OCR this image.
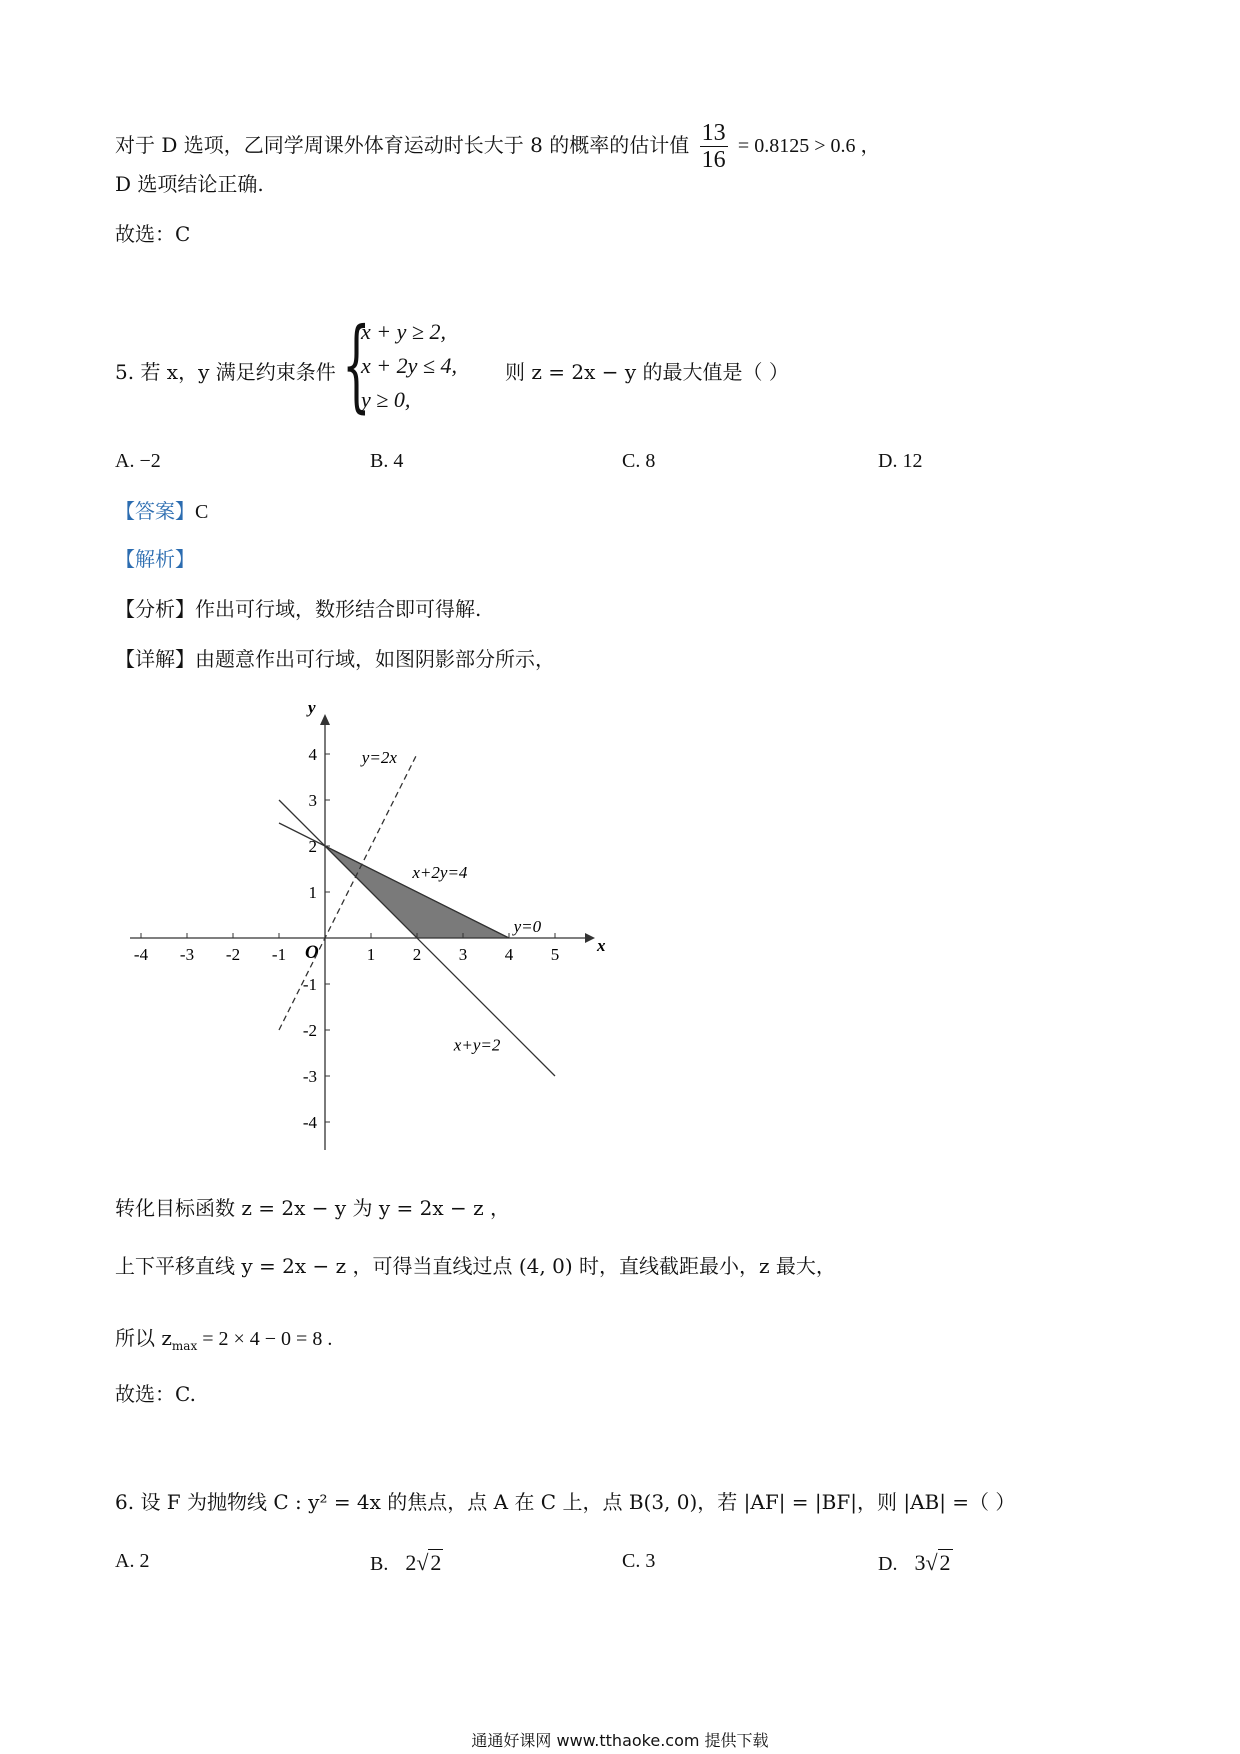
对于 D 选项，乙同学周课外体育运动时长大于 8 的概率的估计值 $\frac{13}{16} = 0.8125 > 0.6$ ，
D 选项结论正确.
故选：C
5. 若 x，y 满足约束条件 {
x + y ≥ 2,
x + 2y ≤ 4,
y ≥ 0,
则 z = 2x − y 的最大值是（ ）
A. −2	B. 4	C. 8	D. 12
【答案】C
【解析】
【分析】作出可行域，数形结合即可得解.
【详解】由题意作出可行域，如图阴影部分所示，
x
y
O
-4 -3 -2 -1	1 2 3 4 5
4
3
2
1
-1
-2
-3
-4
y=2x
x+2y=4
x+y=2
y=0
转化目标函数 z = 2x − y 为 y = 2x − z ，
上下平移直线 y = 2x − z ，可得当直线过点 (4, 0) 时，直线截距最小，z 最大，
所以 $z_{max} = 2 \times 4 - 0 = 8$ .
故选：C.
6. 设 F 为抛物线 C : y² = 4x 的焦点，点 A 在 C 上，点 B(3, 0)，若 |AF| = |BF|，则 |AB| =（ ）
A. 2	B. 2√2	C. 3	D. 3√2
通通好课网 www.tthaoke.com 提供下载
